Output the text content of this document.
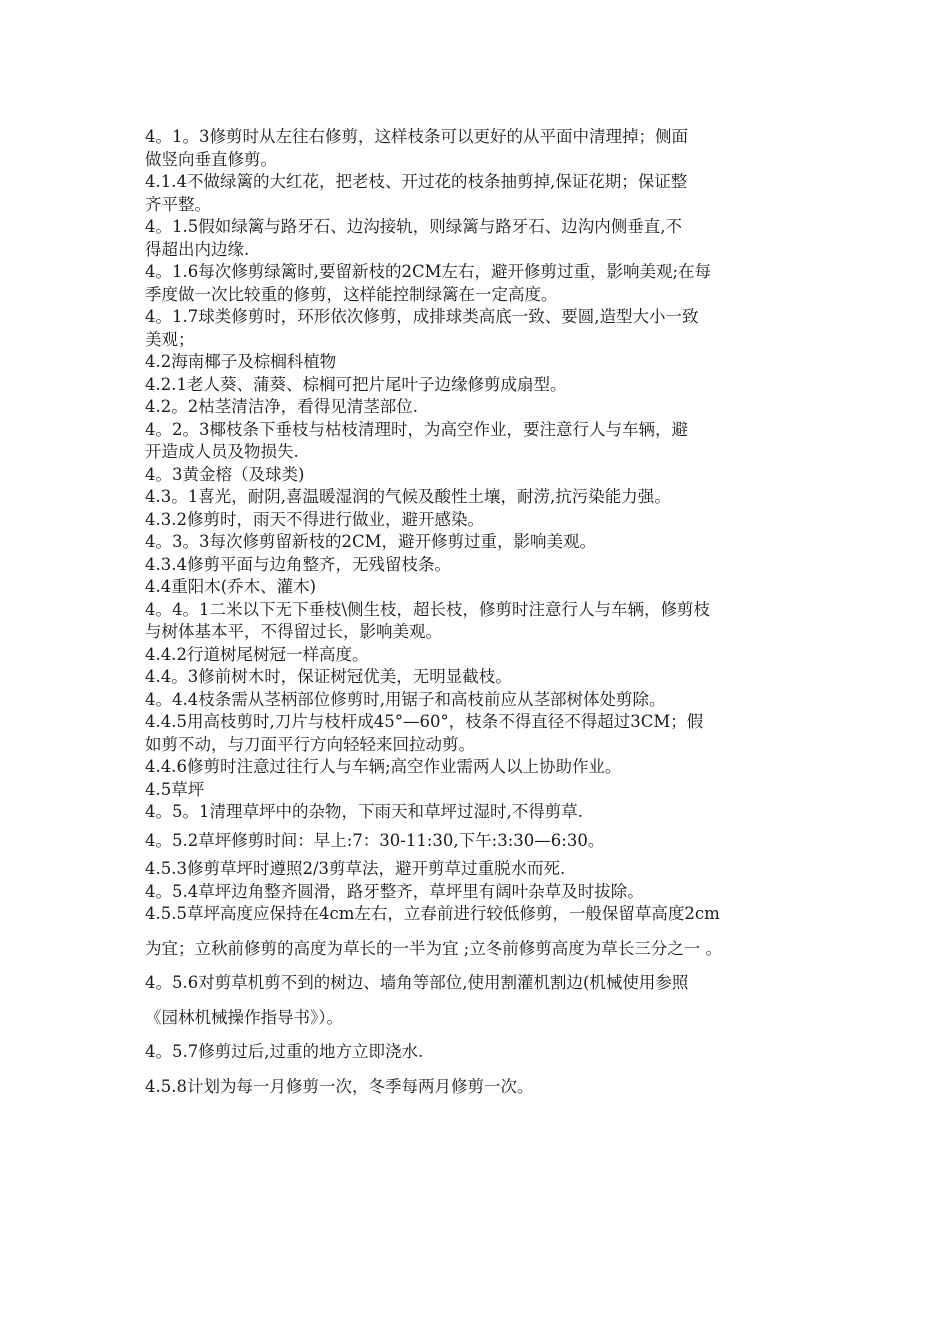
4。1。3修剪时从左往右修剪，这样枝条可以更好的从平面中清理掉；侧面
做竖向垂直修剪。
4.1.4不做绿篱的大红花，把老枝、开过花的枝条抽剪掉,保证花期；保证整
齐平整。
4。1.5假如绿篱与路牙石、边沟接轨，则绿篱与路牙石、边沟内侧垂直,不
得超出内边缘.
4。1.6每次修剪绿篱时,要留新枝的2CM左右，避开修剪过重，影响美观;在每
季度做一次比较重的修剪，这样能控制绿篱在一定高度。
4。1.7球类修剪时，环形依次修剪，成排球类高底一致、要圆,造型大小一致
美观；
4.2海南椰子及棕榈科植物
4.2.1老人葵、蒲葵、棕榈可把片尾叶子边缘修剪成扇型。
4.2。2枯茎清洁净，看得见清茎部位.
4。2。3椰枝条下垂枝与枯枝清理时，为高空作业，要注意行人与车辆，避
开造成人员及物损失.
4。3黄金榕（及球类)
4.3。1喜光，耐阴,喜温暖湿润的气候及酸性土壤，耐涝,抗污染能力强。
4.3.2修剪时，雨天不得进行做业，避开感染。
4。3。3每次修剪留新枝的2CM，避开修剪过重，影响美观。
4.3.4修剪平面与边角整齐，无残留枝条。
4.4重阳木(乔木、灌木)
4。4。1二米以下无下垂枝\侧生枝，超长枝，修剪时注意行人与车辆，修剪枝
与树体基本平，不得留过长，影响美观。
4.4.2行道树尾树冠一样高度。
4.4。3修前树木时，保证树冠优美，无明显截枝。
4。4.4枝条需从茎柄部位修剪时,用锯子和高枝前应从茎部树体处剪除。
4.4.5用高枝剪时,刀片与枝杆成45°—60°，枝条不得直径不得超过3CM；假
如剪不动，与刀面平行方向轻轻来回拉动剪。
4.4.6修剪时注意过往行人与车辆;高空作业需两人以上协助作业。
4.5草坪
4。5。1清理草坪中的杂物，下雨天和草坪过湿时,不得剪草.
4。5.2草坪修剪时间：早上:7：30-11:30,下午:3:30—6:30。
4.5.3修剪草坪时遵照2/3剪草法，避开剪草过重脱水而死.
4。5.4草坪边角整齐圆滑，路牙整齐，草坪里有阔叶杂草及时拔除。
4.5.5草坪高度应保持在4cm左右，立春前进行较低修剪，一般保留草高度2cm
为宜；立秋前修剪的高度为草长的一半为宜 ;立冬前修剪高度为草长三分之一 。
4。5.6对剪草机剪不到的树边、墙角等部位,使用割灌机割边(机械使用参照
《园林机械操作指导书》）。
4。5.7修剪过后,过重的地方立即浇水.
4.5.8计划为每一月修剪一次，冬季每两月修剪一次。
